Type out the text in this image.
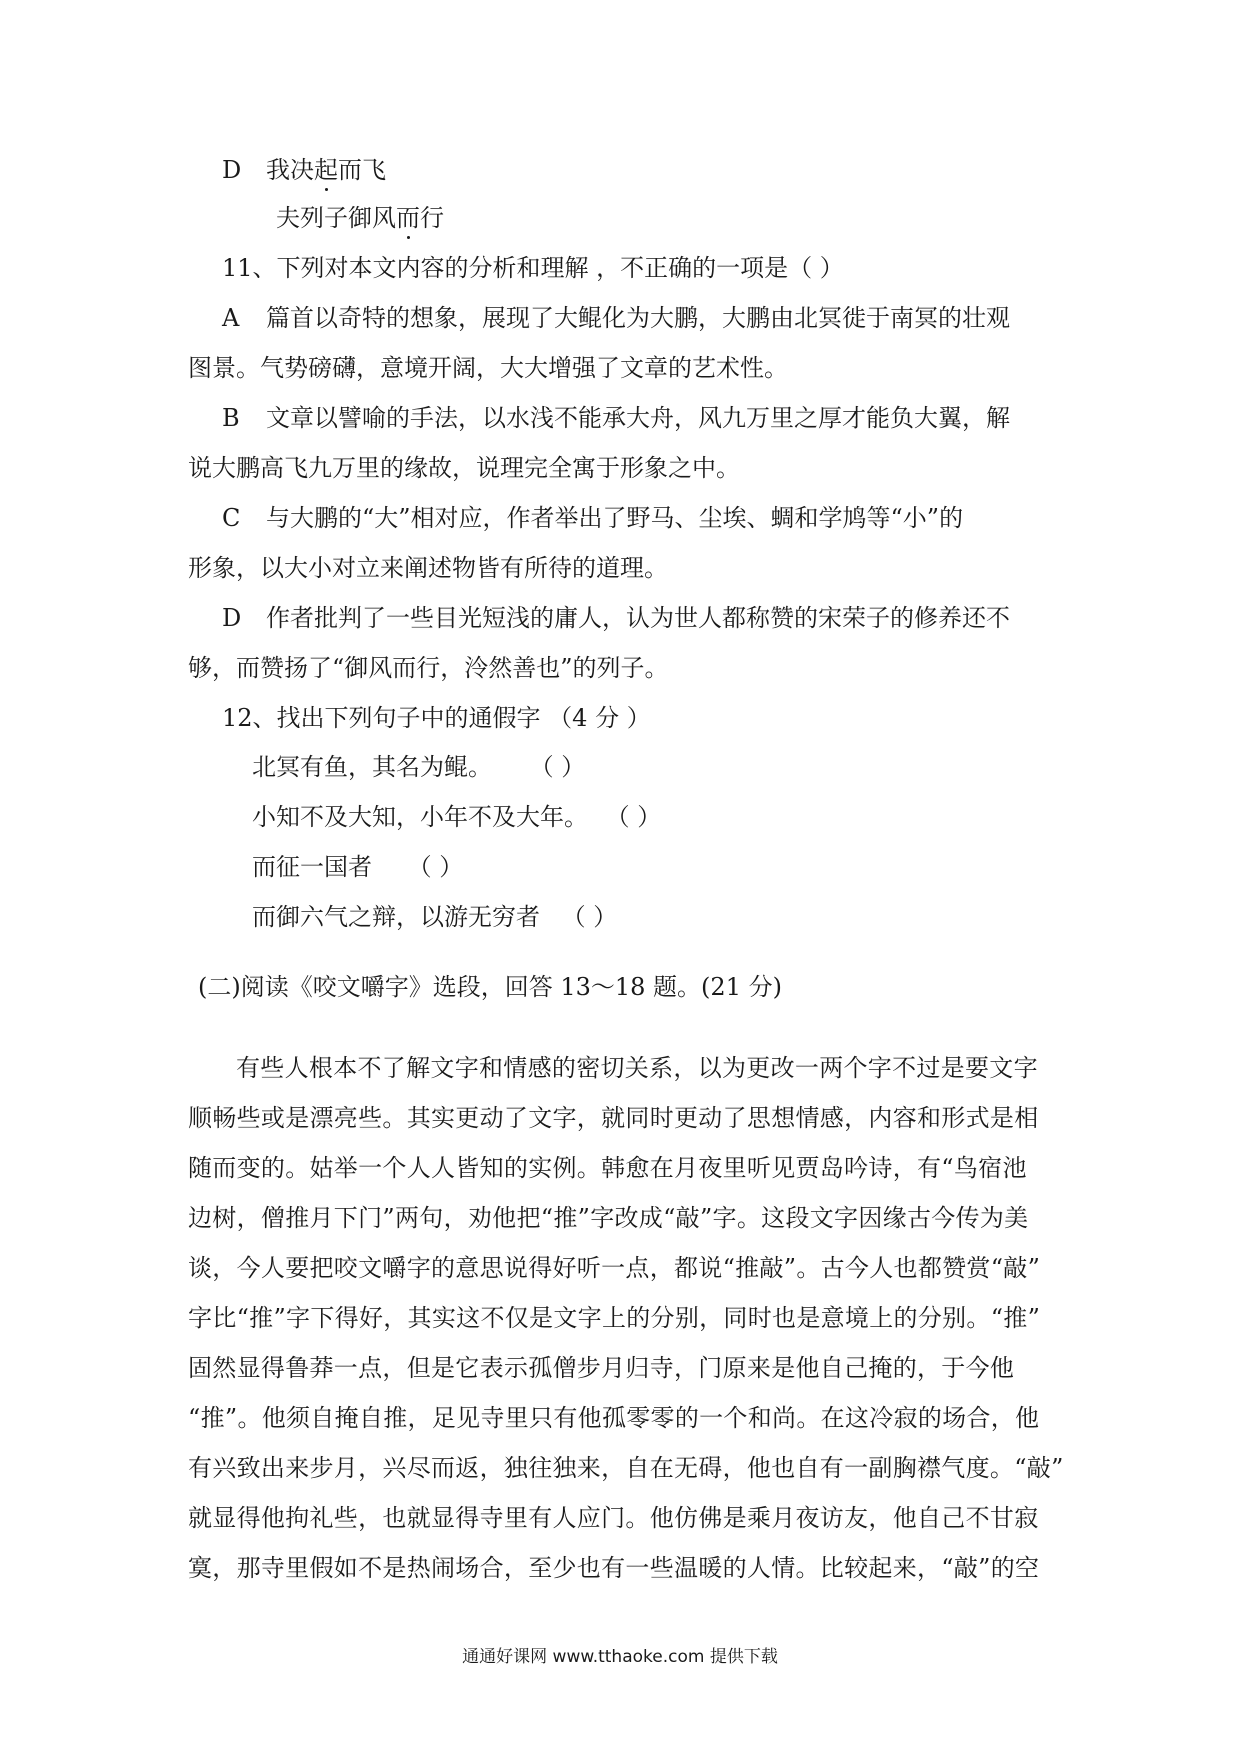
D 我决起而飞
夫列子御风而行
11、下列对本文内容的分析和理解 ，不正确的一项是（ ）
A 篇首以奇特的想象，展现了大鲲化为大鹏，大鹏由北冥徙于南冥的壮观
图景。气势磅礴，意境开阔，大大增强了文章的艺术性。
B 文章以譬喻的手法，以水浅不能承大舟，风九万里之厚才能负大翼，解
说大鹏高飞九万里的缘故，说理完全寓于形象之中。
C 与大鹏的“大”相对应，作者举出了野马、尘埃、蜩和学鸠等“小”的
形象，以大小对立来阐述物皆有所待的道理。
D 作者批判了一些目光短浅的庸人，认为世人都称赞的宋荣子的修养还不
够，而赞扬了“御风而行，泠然善也”的列子。
12、找出下列句子中的通假字 （4 分 ）
北冥有鱼，其名为鲲。 （ ）
小知不及大知，小年不及大年。 （ ）
而征一国者 （ ）
而御六气之辩，以游无穷者 （ ）
(二)阅读《咬文嚼字》选段，回答 13～18 题。(21 分)
有些人根本不了解文字和情感的密切关系，以为更改一两个字不过是要文字
顺畅些或是漂亮些。其实更动了文字，就同时更动了思想情感，内容和形式是相
随而变的。姑举一个人人皆知的实例。韩愈在月夜里听见贾岛吟诗，有“鸟宿池
边树，僧推月下门”两句，劝他把“推”字改成“敲”字。这段文字因缘古今传为美
谈，今人要把咬文嚼字的意思说得好听一点，都说“推敲”。古今人也都赞赏“敲”
字比“推”字下得好，其实这不仅是文字上的分别，同时也是意境上的分别。“推”
固然显得鲁莽一点，但是它表示孤僧步月归寺，门原来是他自己掩的，于今他
“推”。他须自掩自推，足见寺里只有他孤零零的一个和尚。在这冷寂的场合，他
有兴致出来步月，兴尽而返，独往独来，自在无碍，他也自有一副胸襟气度。“敲”
就显得他拘礼些，也就显得寺里有人应门。他仿佛是乘月夜访友，他自己不甘寂
寞，那寺里假如不是热闹场合，至少也有一些温暖的人情。比较起来，“敲”的空
通通好课网 www.tthaoke.com 提供下载
